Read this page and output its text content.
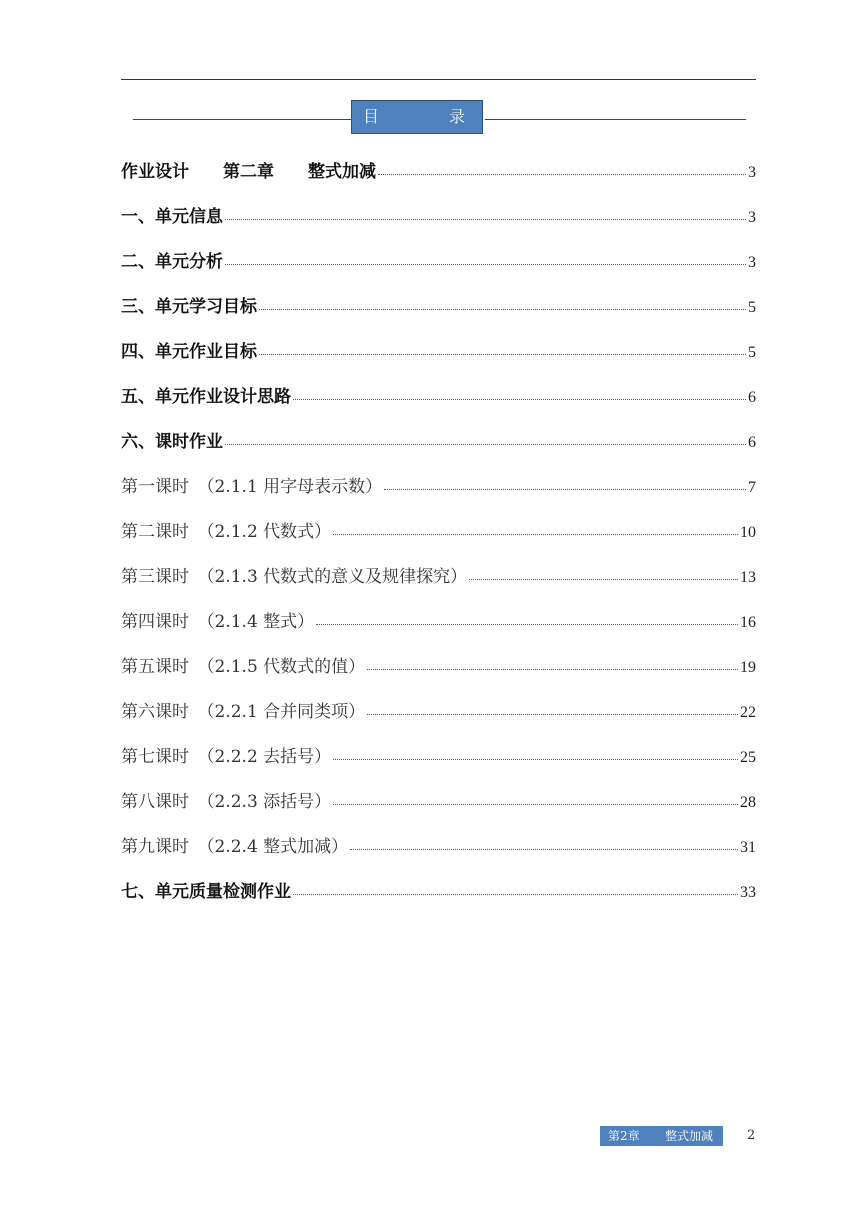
目	录
作业设计　　第二章　　整式加减	3
一、单元信息	3
二、单元分析	3
三、单元学习目标	5
四、单元作业目标	5
五、单元作业设计思路	6
六、课时作业	6
第一课时　（2.1.1 用字母表示数）	7
第二课时　（2.1.2 代数式）	10
第三课时　（2.1.3 代数式的意义及规律探究）	13
第四课时　（2.1.4 整式）	16
第五课时　（2.1.5 代数式的值）	19
第六课时　（2.2.1 合并同类项）	22
第七课时　（2.2.2 去括号）	25
第八课时　（2.2.3 添括号）	28
第九课时　（2.2.4 整式加减）	31
七、单元质量检测作业	33
第2章 整式加减	2
